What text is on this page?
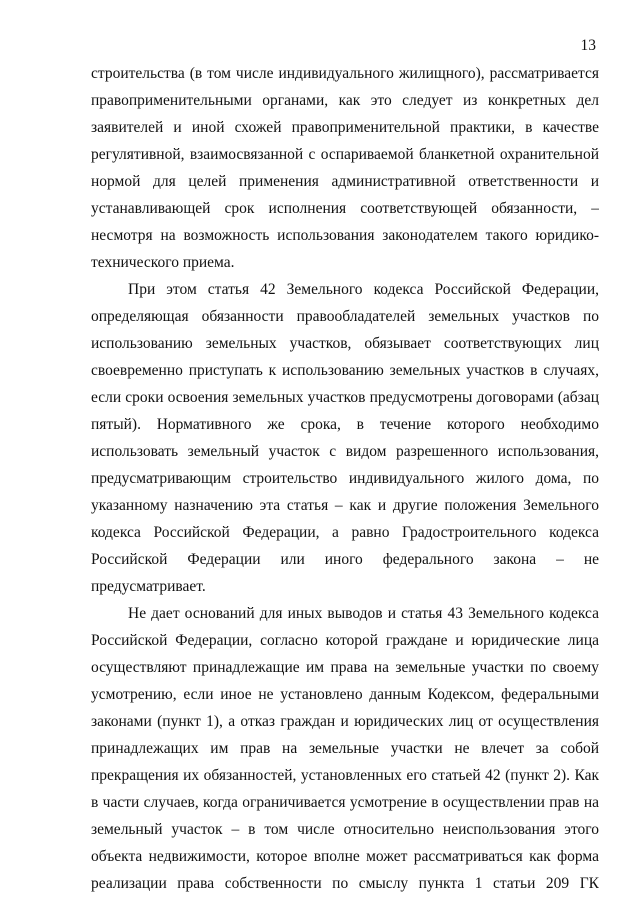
13
строительства (в том числе индивидуального жилищного), рассматривается
правоприменительными органами, как это следует из конкретных дел
заявителей и иной схожей правоприменительной практики, в качестве
регулятивной, взаимосвязанной с оспариваемой бланкетной охранительной
нормой для целей применения административной ответственности и
устанавливающей срок исполнения соответствующей обязанности, –
несмотря на возможность использования законодателем такого юридико-
технического приема.
При этом статья 42 Земельного кодекса Российской Федерации,
определяющая обязанности правообладателей земельных участков по
использованию земельных участков, обязывает соответствующих лиц
своевременно приступать к использованию земельных участков в случаях,
если сроки освоения земельных участков предусмотрены договорами (абзац
пятый). Нормативного же срока, в течение которого необходимо
использовать земельный участок с видом разрешенного использования,
предусматривающим строительство индивидуального жилого дома, по
указанному назначению эта статья – как и другие положения Земельного
кодекса Российской Федерации, а равно Градостроительного кодекса
Российской Федерации или иного федерального закона – не
предусматривает.
Не дает оснований для иных выводов и статья 43 Земельного кодекса
Российской Федерации, согласно которой граждане и юридические лица
осуществляют принадлежащие им права на земельные участки по своему
усмотрению, если иное не установлено данным Кодексом, федеральными
законами (пункт 1), а отказ граждан и юридических лиц от осуществления
принадлежащих им прав на земельные участки не влечет за собой
прекращения их обязанностей, установленных его статьей 42 (пункт 2). Как
в части случаев, когда ограничивается усмотрение в осуществлении прав на
земельный участок – в том числе относительно неиспользования этого
объекта недвижимости, которое вполне может рассматриваться как форма
реализации права собственности по смыслу пункта 1 статьи 209 ГК
